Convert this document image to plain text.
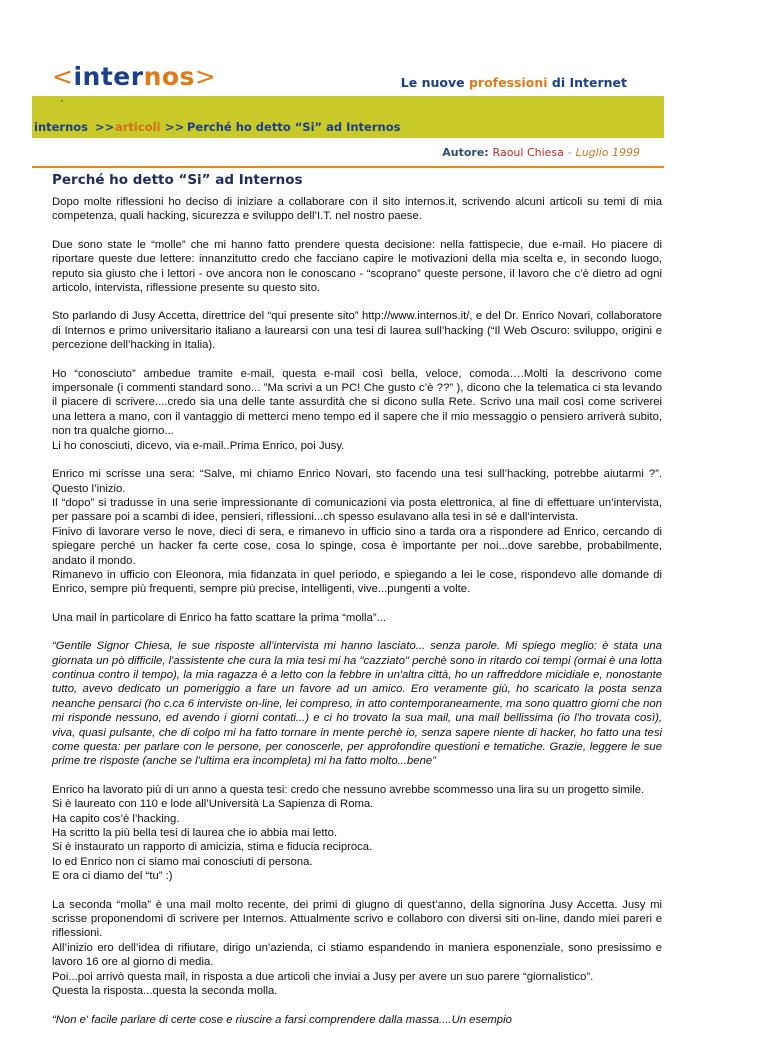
<internos>	Le nuove professioni di Internet
·
internos >> articoli >> Perché ho detto “Si” ad Internos
Autore: Raoul Chiesa - Luglio 1999
Perché ho detto “Si” ad Internos

Dopo molte riflessioni ho deciso di iniziare a collaborare con il sito internos.it, scrivendo alcuni articoli su temi di mia competenza, quali hacking, sicurezza e sviluppo dell’I.T. nel nostro paese.

Due sono state le “molle” che mi hanno fatto prendere questa decisione: nella fattispecie, due e-mail. Ho piacere di riportare queste due lettere: innanzitutto credo che facciano capire le motivazioni della mia scelta e, in secondo luogo, reputo sia giusto che i lettori - ove ancora non le conoscano - “scoprano” queste persone, il lavoro che c’è dietro ad ogni articolo, intervista, riflessione presente su questo sito.

Sto parlando di Jusy Accetta, direttrice del “qui presente sito” http://www.internos.it/, e del Dr. Enrico Novari, collaboratore di Internos e primo universitario italiano a laurearsi con una tesi di laurea sull’hacking (“Il Web Oscuro: sviluppo, origini e percezione dell’hacking in Italia).

Ho “conosciuto” ambedue tramite e-mail, questa e-mail così bella, veloce, comoda….Molti la descrivono come impersonale (i commenti standard sono... ”Ma scrivi a un PC! Che gusto c’è ??” ), dicono che la telematica ci sta levando il piacere di scrivere....credo sia una delle tante assurdità che si dicono sulla Rete. Scrivo una mail così come scriverei una lettera a mano, con il vantaggio di metterci meno tempo ed il sapere che il mio messaggio o pensiero arriverà subito, non tra qualche giorno...
Li ho conosciuti, dicevo, via e-mail..Prima Enrico, poi Jusy.

Enrico mi scrisse una sera: “Salve, mi chiamo Enrico Novari, sto facendo una tesi sull’hacking, potrebbe aiutarmi ?”. Questo l’inizio.
Il “dopo” si tradusse in una serie impressionante di comunicazioni via posta elettronica, al fine di effettuare un’intervista, per passare poi a scambi di idee, pensieri, riflessioni...ch spesso esulavano alla tesi in sé e dall’intervista.
Finivo di lavorare verso le nove, dieci di sera, e rimanevo in ufficio sino a tarda ora a rispondere ad Enrico, cercando di spiegare perché un hacker fa certe cose, cosa lo spinge, cosa è importante per noi...dove sarebbe, probabilmente, andato il mondo.
Rimanevo in ufficio con Eleonora, mia fidanzata in quel periodo, e spiegando a lei le cose, rispondevo alle domande di Enrico, sempre più frequenti, sempre più precise, intelligenti, vive...pungenti a volte.

Una mail in particolare di Enrico ha fatto scattare la prima “molla”...

“Gentile Signor Chiesa, le sue risposte all’intervista mi hanno lasciato... senza parole. Mi spiego meglio: è stata una giornata un pò difficile, l'assistente che cura la mia tesi mi ha "cazziato" perchè sono in ritardo coi tempi (ormai è una lotta continua contro il tempo), la mia ragazza è a letto con la febbre in un'altra città, ho un raffreddore micidiale e, nonostante tutto, avevo dedicato un pomeriggio a fare un favore ad un amico. Ero veramente giù, ho scaricato la posta senza neanche pensarci (ho c.ca 6 interviste on-line, lei compreso, in atto contemporaneamente, ma sono quattro giorni che non mi risponde nessuno, ed avendo i giorni contati...) e ci ho trovato la sua mail, una mail bellissima (io l'ho trovata così), viva, quasi pulsante, che di colpo mi ha fatto tornare in mente perchè io, senza sapere niente di hacker, ho fatto una tesi come questa: per parlare con le persone, per conoscerle, per approfondire questioni e tematiche. Grazie, leggere le sue prime tre risposte (anche se l'ultima era incompleta) mi ha fatto molto...bene”

Enrico ha lavorato più di un anno a questa tesi: credo che nessuno avrebbe scommesso una lira su un progetto simile.
Si è laureato con 110 e lode all’Università La Sapienza di Roma.
Ha capito cos’è l’hacking.
Ha scritto la più bella tesi di laurea che io abbia mai letto.
Si è instaurato un rapporto di amicizia, stima e fiducia reciproca.
Io ed Enrico non ci siamo mai conosciuti di persona.
E ora ci diamo del “tu” :)

La seconda “molla” è una mail molto recente, dei primi di giugno di quest’anno, della signorina Jusy Accetta. Jusy mi scrisse proponendomi di scrivere per Internos. Attualmente scrivo e collaboro con diversi siti on-line, dando miei pareri e riflessioni.
All’inizio ero dell’idea di rifiutare, dirigo un’azienda, ci stiamo espandendo in maniera esponenziale, sono presissimo e lavoro 16 ore al giorno di media.
Poi...poi arrivò questa mail, in risposta a due articoli che inviai a Jusy per avere un suo parere “giornalistico”.
Questa la risposta...questa la seconda molla.

“Non e' facile parlare di certe cose e riuscire a farsi comprendere dalla massa....Un esempio
